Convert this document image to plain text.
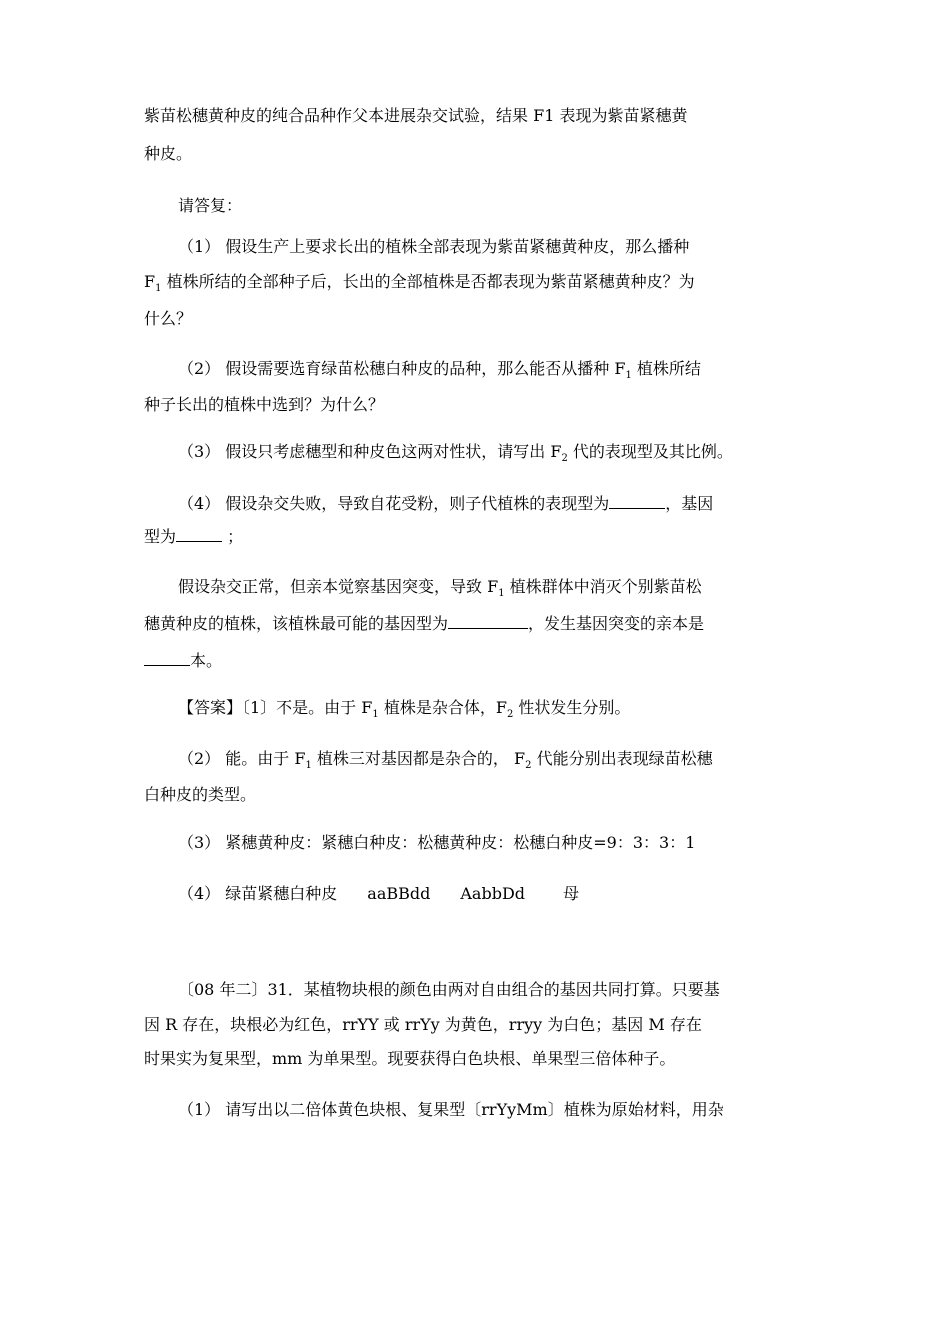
紫苗松穗黄种皮的纯合品种作父本进展杂交试验，结果 F1 表现为紫苗紧穗黄
种皮。
请答复：
（1） 假设生产上要求长出的植株全部表现为紫苗紧穗黄种皮，那么播种
$F_1$ 植株所结的全部种子后，长出的全部植株是否都表现为紫苗紧穗黄种皮？为
什么？
（2） 假设需要选育绿苗松穗白种皮的品种，那么能否从播种 $F_1$ 植株所结
种子长出的植株中选到？为什么？
（3） 假设只考虑穗型和种皮色这两对性状，请写出 $F_2$ 代的表现型及其比例。
（4） 假设杂交失败，导致自花受粉，则子代植株的表现型为	，基因
型为	；
假设杂交正常，但亲本觉察基因突变，导致 $F_1$ 植株群体中消灭个别紫苗松
穗黄种皮的植株，该植株最可能的基因型为	，发生基因突变的亲本是
本。
【答案】〔1〕不是。由于 $F_1$ 植株是杂合体，$F_2$ 性状发生分别。
（2） 能。由于 $F_1$ 植株三对基因都是杂合的， $F_2$ 代能分别出表现绿苗松穗
白种皮的类型。
（3） 紧穗黄种皮：紧穗白种皮：松穗黄种皮：松穗白种皮=9：3：3：1
（4） 绿苗紧穗白种皮 aaBBdd AabbDd 母
〔08 年二〕31．某植物块根的颜色由两对自由组合的基因共同打算。只要基
因 R 存在，块根必为红色，rrYY 或 rrYy 为黄色，rryy 为白色；基因 M 存在
时果实为复果型，mm 为单果型。现要获得白色块根、单果型三倍体种子。
（1） 请写出以二倍体黄色块根、复果型〔rrYyMm〕植株为原始材料，用杂
